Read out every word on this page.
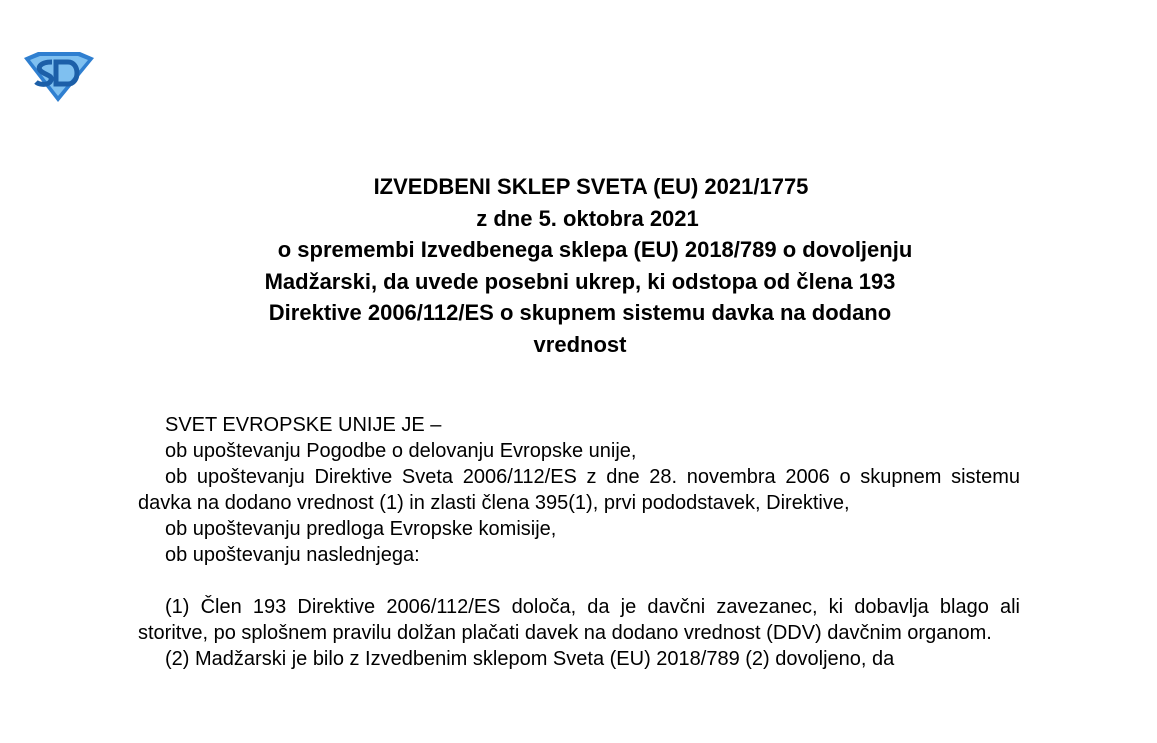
IZVEDBENI SKLEP SVETA (EU) 2021/1775
z dne 5. oktobra 2021
o spremembi Izvedbenega sklepa (EU) 2018/789 o dovoljenju
Madžarski, da uvede posebni ukrep, ki odstopa od člena 193
Direktive 2006/112/ES o skupnem sistemu davka na dodano
vrednost

SVET EVROPSKE UNIJE JE –

ob upoštevanju Pogodbe o delovanju Evropske unije,

ob upoštevanju Direktive Sveta 2006/112/ES z dne 28. novembra 2006 o skupnem sistemu davka na dodano vrednost (1) in zlasti člena 395(1), prvi pododstavek, Direktive,

ob upoštevanju predloga Evropske komisije,

ob upoštevanju naslednjega:

(1) Člen 193 Direktive 2006/112/ES določa, da je davčni zavezanec, ki dobavlja blago ali storitve, po splošnem pravilu dolžan plačati davek na dodano vrednost (DDV) davčnim organom.

(2) Madžarski je bilo z Izvedbenim sklepom Sveta (EU) 2018/789 (2) dovoljeno, da
